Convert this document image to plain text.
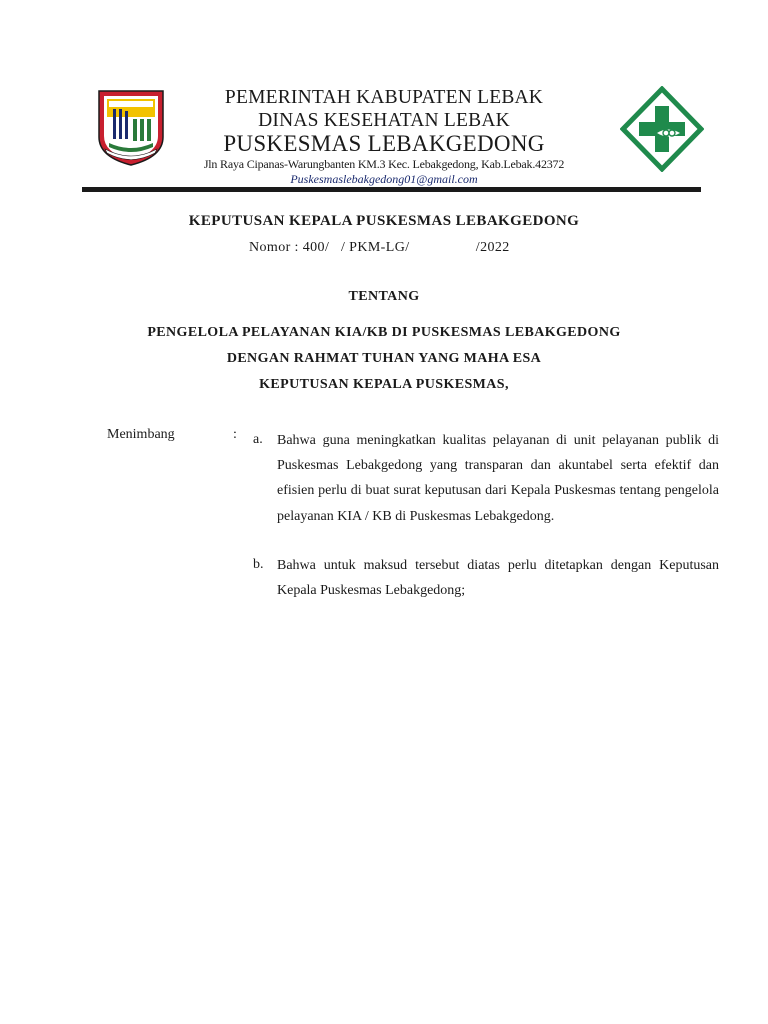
PEMERINTAH KABUPATEN LEBAK
DINAS KESEHATAN LEBAK
PUSKESMAS LEBAKGEDONG
Jln Raya Cipanas-Warungbanten KM.3 Kec. Lebakgedong, Kab.Lebak.42372
Puskesmaslebakgedong01@gmail.com
KEPUTUSAN KEPALA PUSKESMAS LEBAKGEDONG
Nomor : 400/   / PKM-LG/                 /2022
TENTANG
PENGELOLA PELAYANAN KIA/KB DI PUSKESMAS LEBAKGEDONG
DENGAN RAHMAT TUHAN YANG MAHA ESA
KEPUTUSAN KEPALA PUSKESMAS,
Menimbang	: a. Bahwa guna meningkatkan kualitas pelayanan di unit pelayanan publik di Puskesmas Lebakgedong yang transparan dan akuntabel serta efektif dan efisien perlu di buat surat keputusan dari Kepala Puskesmas tentang pengelola pelayanan KIA / KB di Puskesmas Lebakgedong.
b. Bahwa untuk maksud tersebut diatas perlu ditetapkan dengan Keputusan Kepala Puskesmas Lebakgedong;
